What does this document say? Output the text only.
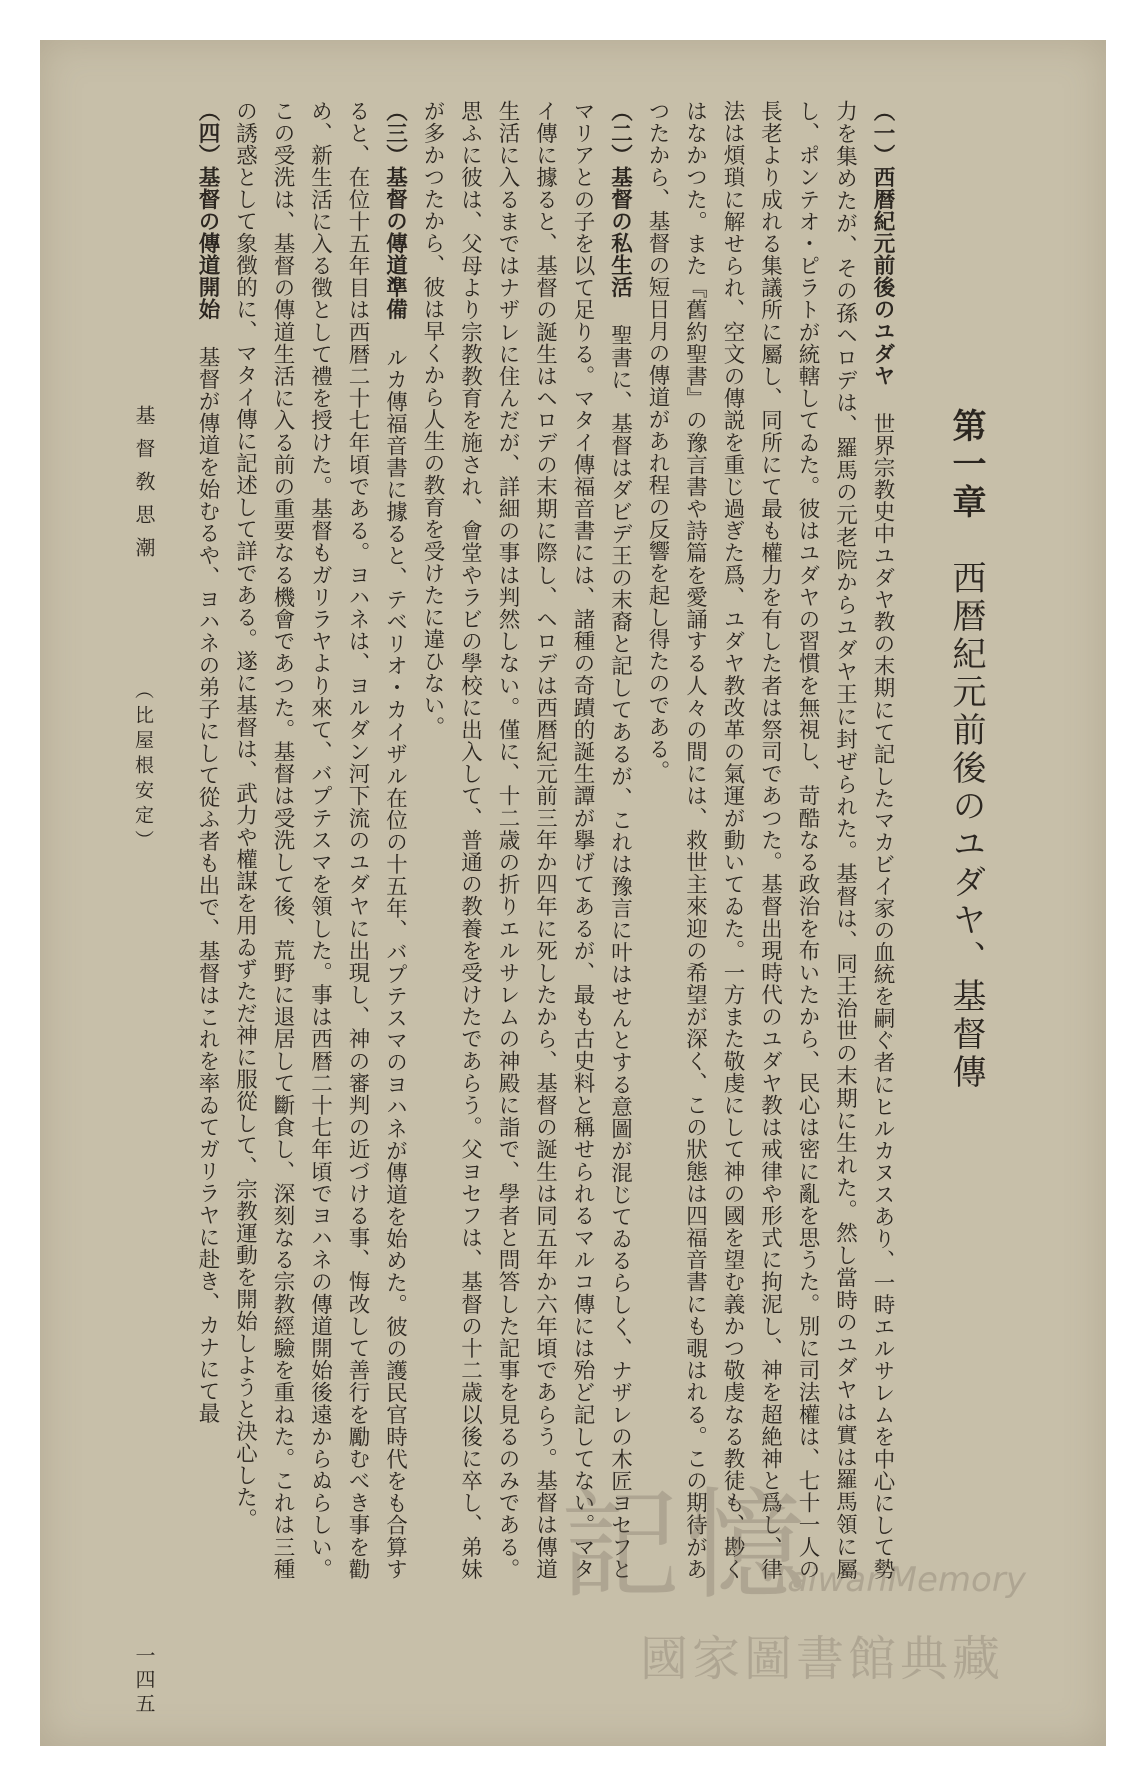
第一章　西暦紀元前後のユダヤ、基督傳

（一）西暦紀元前後のユダヤ世界宗教史中ユダヤ教の末期にて記したマカビイ家の血統を嗣ぐ者にヒルカヌスあり、一時エルサレムを中心にして勢力を集めたが、その孫ヘロデは、羅馬の元老院からユダヤ王に封ぜられた。基督は、同王治世の末期に生れた。然し當時のユダヤは實は羅馬領に屬し、ポンテオ・ピラトが統轄してゐた。彼はユダヤの習慣を無視し、苛酷なる政治を布いたから、民心は密に亂を思うた。別に司法權は、七十一人の長老より成れる集議所に屬し、同所にて最も權力を有した者は祭司であつた。基督出現時代のユダヤ教は戒律や形式に拘泥し、神を超絶神と爲し、律法は煩瑣に解せられ、空文の傳説を重じ過ぎた爲、ユダヤ教改革の氣運が動いてゐた。一方また敬虔にして神の國を望む義かつ敬虔なる教徒も、尠くはなかつた。また『舊約聖書』の豫言書や詩篇を愛誦する人々の間には、救世主來迎の希望が深く、この狀態は四福音書にも覗はれる。この期待があつたから、基督の短日月の傳道があれ程の反響を起し得たのである。

（二）基督の私生活聖書に、基督はダビデ王の末裔と記してあるが、これは豫言に叶はせんとする意圖が混じてゐるらしく、ナザレの木匠ヨセフとマリアとの子を以て足りる。マタイ傳福音書には、諸種の奇蹟的誕生譚が擧げてあるが、最も古史料と稱せられるマルコ傳には殆ど記してない。マタイ傳に據ると、基督の誕生はヘロデの末期に際し、ヘロデは西暦紀元前三年か四年に死したから、基督の誕生は同五年か六年頃であらう。基督は傳道生活に入るまではナザレに住んだが、詳細の事は判然しない。僅に、十二歳の折りエルサレムの神殿に詣で、學者と問答した記事を見るのみである。思ふに彼は、父母より宗教教育を施され、會堂やラビの學校に出入して、普通の教養を受けたであらう。父ヨセフは、基督の十二歳以後に卒し、弟妹が多かつたから、彼は早くから人生の教育を受けたに違ひない。

（三）基督の傳道準備ルカ傳福音書に據ると、テベリオ・カイザル在位の十五年、バプテスマのヨハネが傳道を始めた。彼の護民官時代をも合算すると、在位十五年目は西暦二十七年頃である。ヨハネは、ヨルダン河下流のユダヤに出現し、神の審判の近づける事、悔改して善行を勵むべき事を勸め、新生活に入る徴として禮を授けた。基督もガリラヤより來て、バプテスマを領した。事は西暦二十七年頃でヨハネの傳道開始後遠からぬらしい。この受洗は、基督の傳道生活に入る前の重要なる機會であつた。基督は受洗して後、荒野に退居して斷食し、深刻なる宗教經驗を重ねた。これは三種の誘惑として象徴的に、マタイ傳に記述して詳である。遂に基督は、武力や權謀を用ゐずただ神に服從して、宗教運動を開始しようと決心した。

（四）基督の傳道開始基督が傳道を始むるや、ヨハネの弟子にして從ふ者も出で、基督はこれを率ゐてガリラヤに赴き、カナにて最

基督敎思潮
（比屋根安定）
一四五
記憶
TaiwanMemory
國家圖書館典藏
